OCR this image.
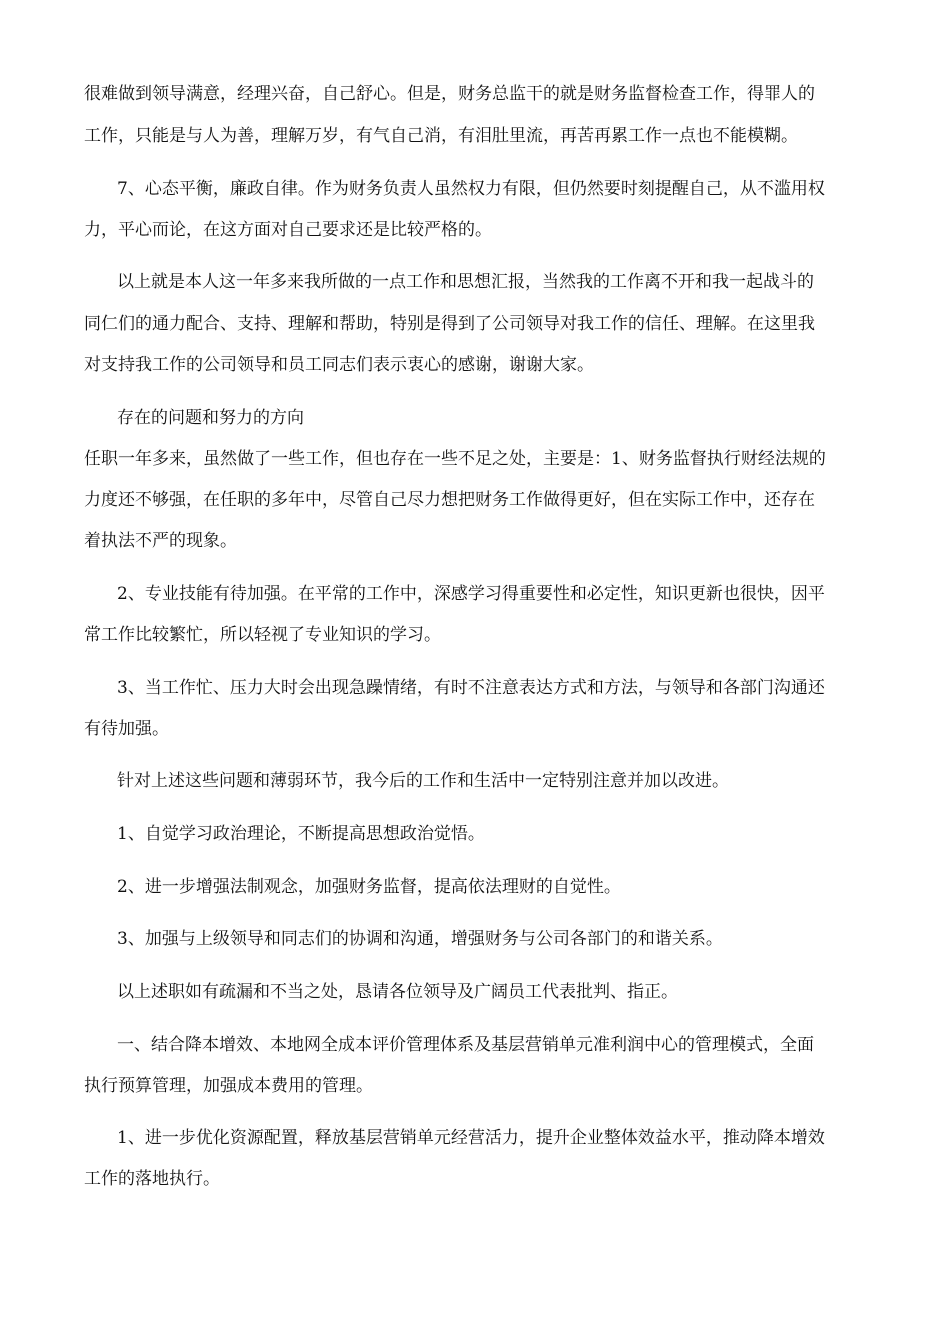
很难做到领导满意，经理兴奋，自己舒心。但是，财务总监干的就是财务监督检查工作，得罪人的
工作，只能是与人为善，理解万岁，有气自己消，有泪肚里流，再苦再累工作一点也不能模糊。
7、心态平衡，廉政自律。作为财务负责人虽然权力有限，但仍然要时刻提醒自己，从不滥用权
力，平心而论，在这方面对自己要求还是比较严格的。
以上就是本人这一年多来我所做的一点工作和思想汇报，当然我的工作离不开和我一起战斗的
同仁们的通力配合、支持、理解和帮助，特别是得到了公司领导对我工作的信任、理解。在这里我
对支持我工作的公司领导和员工同志们表示衷心的感谢，谢谢大家。
存在的问题和努力的方向
任职一年多来，虽然做了一些工作，但也存在一些不足之处，主要是：1、财务监督执行财经法规的
力度还不够强，在任职的多年中，尽管自己尽力想把财务工作做得更好，但在实际工作中，还存在
着执法不严的现象。
2、专业技能有待加强。在平常的工作中，深感学习得重要性和必定性，知识更新也很快，因平
常工作比较繁忙，所以轻视了专业知识的学习。
3、当工作忙、压力大时会出现急躁情绪，有时不注意表达方式和方法，与领导和各部门沟通还
有待加强。
针对上述这些问题和薄弱环节，我今后的工作和生活中一定特别注意并加以改进。
1、自觉学习政治理论，不断提高思想政治觉悟。
2、进一步增强法制观念，加强财务监督，提高依法理财的自觉性。
3、加强与上级领导和同志们的协调和沟通，增强财务与公司各部门的和谐关系。
以上述职如有疏漏和不当之处，恳请各位领导及广阔员工代表批判、指正。
一、结合降本增效、本地网全成本评价管理体系及基层营销单元准利润中心的管理模式，全面
执行预算管理，加强成本费用的管理。
1、进一步优化资源配置，释放基层营销单元经营活力，提升企业整体效益水平，推动降本增效
工作的落地执行。
